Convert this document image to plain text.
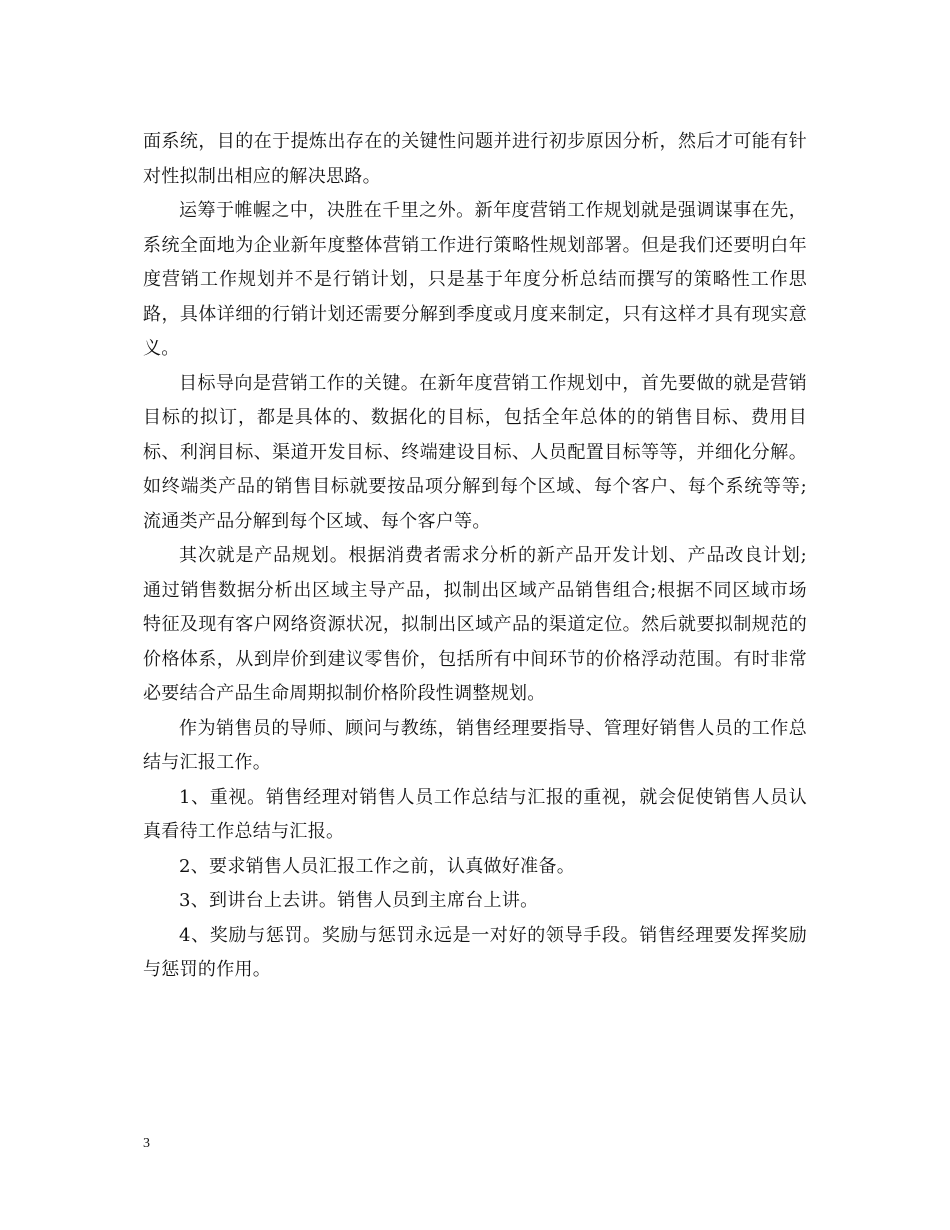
面系统，目的在于提炼出存在的关键性问题并进行初步原因分析，然后才可能有针对性拟制出相应的解决思路。

运筹于帷幄之中，决胜在千里之外。新年度营销工作规划就是强调谋事在先，系统全面地为企业新年度整体营销工作进行策略性规划部署。但是我们还要明白年度营销工作规划并不是行销计划，只是基于年度分析总结而撰写的策略性工作思路，具体详细的行销计划还需要分解到季度或月度来制定，只有这样才具有现实意义。

目标导向是营销工作的关键。在新年度营销工作规划中，首先要做的就是营销目标的拟订，都是具体的、数据化的目标，包括全年总体的的销售目标、费用目标、利润目标、渠道开发目标、终端建设目标、人员配置目标等等，并细化分解。如终端类产品的销售目标就要按品项分解到每个区域、每个客户、每个系统等等;流通类产品分解到每个区域、每个客户等。

其次就是产品规划。根据消费者需求分析的新产品开发计划、产品改良计划;通过销售数据分析出区域主导产品，拟制出区域产品销售组合;根据不同区域市场特征及现有客户网络资源状况，拟制出区域产品的渠道定位。然后就要拟制规范的价格体系，从到岸价到建议零售价，包括所有中间环节的价格浮动范围。有时非常必要结合产品生命周期拟制价格阶段性调整规划。

作为销售员的导师、顾问与教练，销售经理要指导、管理好销售人员的工作总结与汇报工作。

1、重视。销售经理对销售人员工作总结与汇报的重视，就会促使销售人员认真看待工作总结与汇报。

2、要求销售人员汇报工作之前，认真做好准备。

3、到讲台上去讲。销售人员到主席台上讲。

4、奖励与惩罚。奖励与惩罚永远是一对好的领导手段。销售经理要发挥奖励与惩罚的作用。

3
